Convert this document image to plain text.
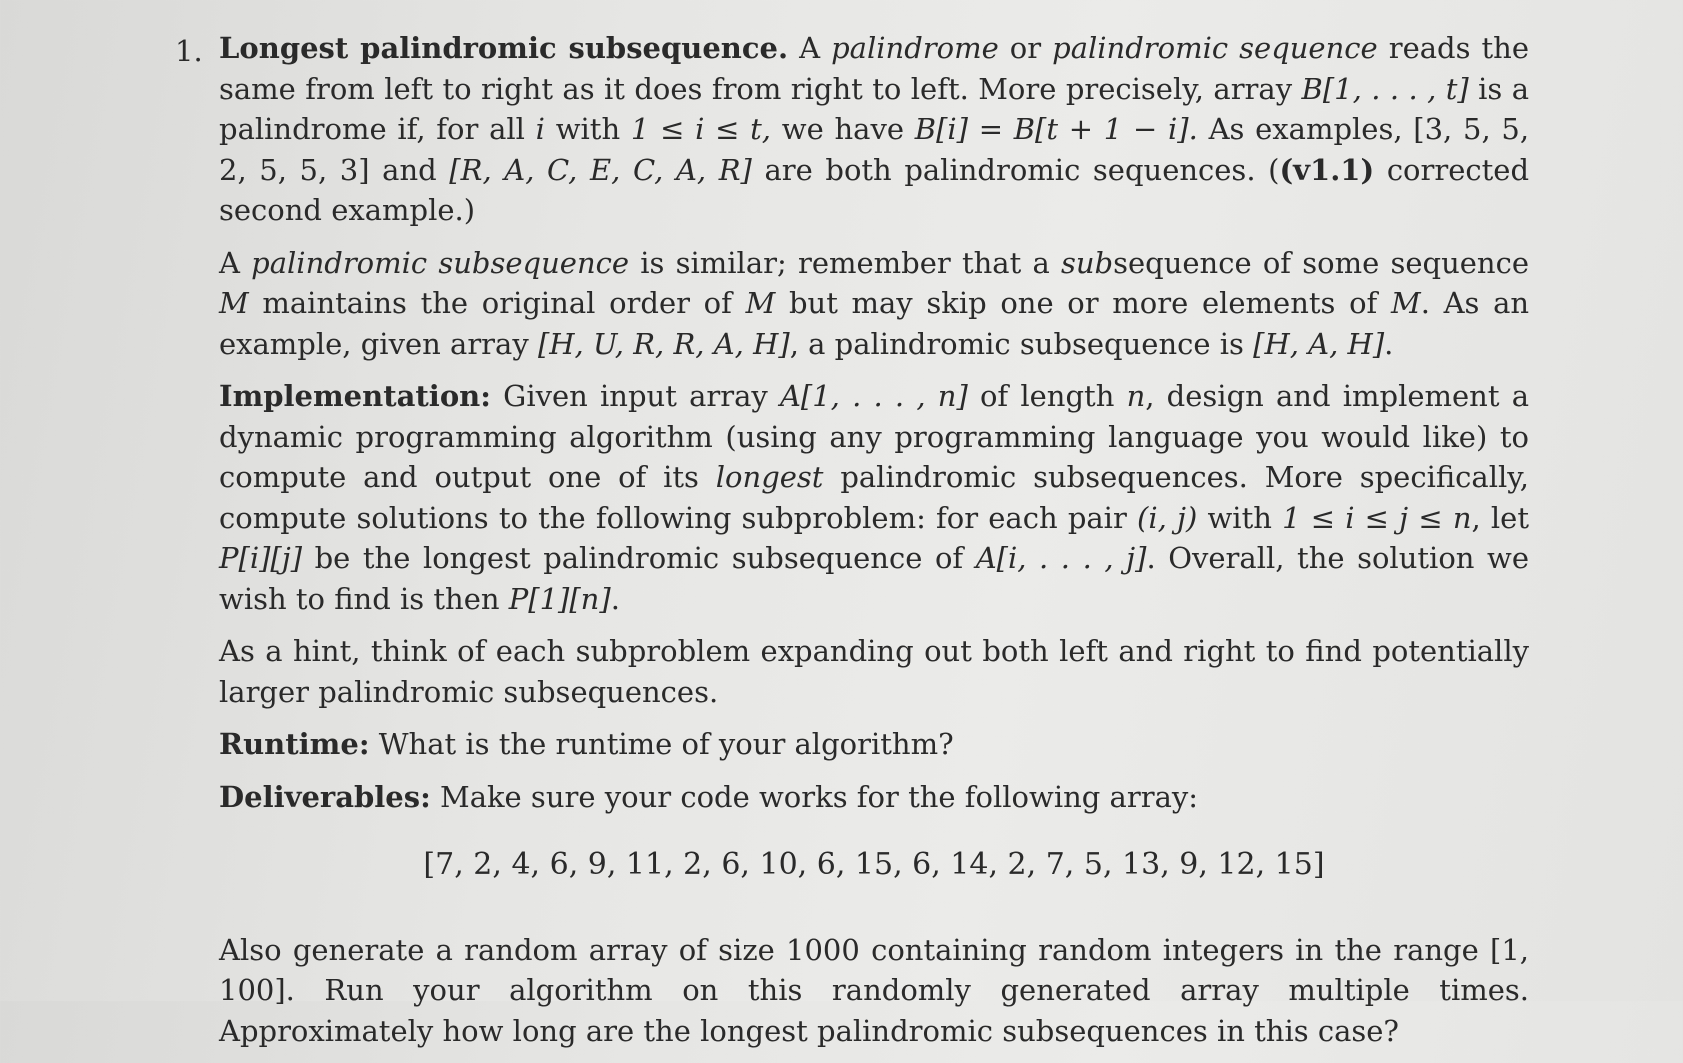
1. Longest palindromic subsequence. A palindrome or palindromic sequence reads the same from left to right as it does from right to left. More precisely, array B[1, . . . , t] is a palindrome if, for all i with 1 ≤ i ≤ t, we have B[i] = B[t + 1 − i]. As examples, [3, 5, 5, 2, 5, 5, 3] and [R, A, C, E, C, A, R] are both palindromic sequences. ((v1.1) corrected second example.)

A palindromic subsequence is similar; remember that a subsequence of some sequence M maintains the original order of M but may skip one or more elements of M. As an example, given array [H, U, R, R, A, H], a palindromic subsequence is [H, A, H].

Implementation: Given input array A[1, . . . , n] of length n, design and implement a dynamic programming algorithm (using any programming language you would like) to compute and output one of its longest palindromic subsequences. More specifically, compute solutions to the following subproblem: for each pair (i, j) with 1 ≤ i ≤ j ≤ n, let P[i][j] be the longest palindromic subsequence of A[i, . . . , j]. Overall, the solution we wish to find is then P[1][n].

As a hint, think of each subproblem expanding out both left and right to find potentially larger palindromic subsequences.

Runtime: What is the runtime of your algorithm?

Deliverables: Make sure your code works for the following array:

[7, 2, 4, 6, 9, 11, 2, 6, 10, 6, 15, 6, 14, 2, 7, 5, 13, 9, 12, 15]

Also generate a random array of size 1000 containing random integers in the range [1, 100]. Run your algorithm on this randomly generated array multiple times. Approximately how long are the longest palindromic subsequences in this case?
